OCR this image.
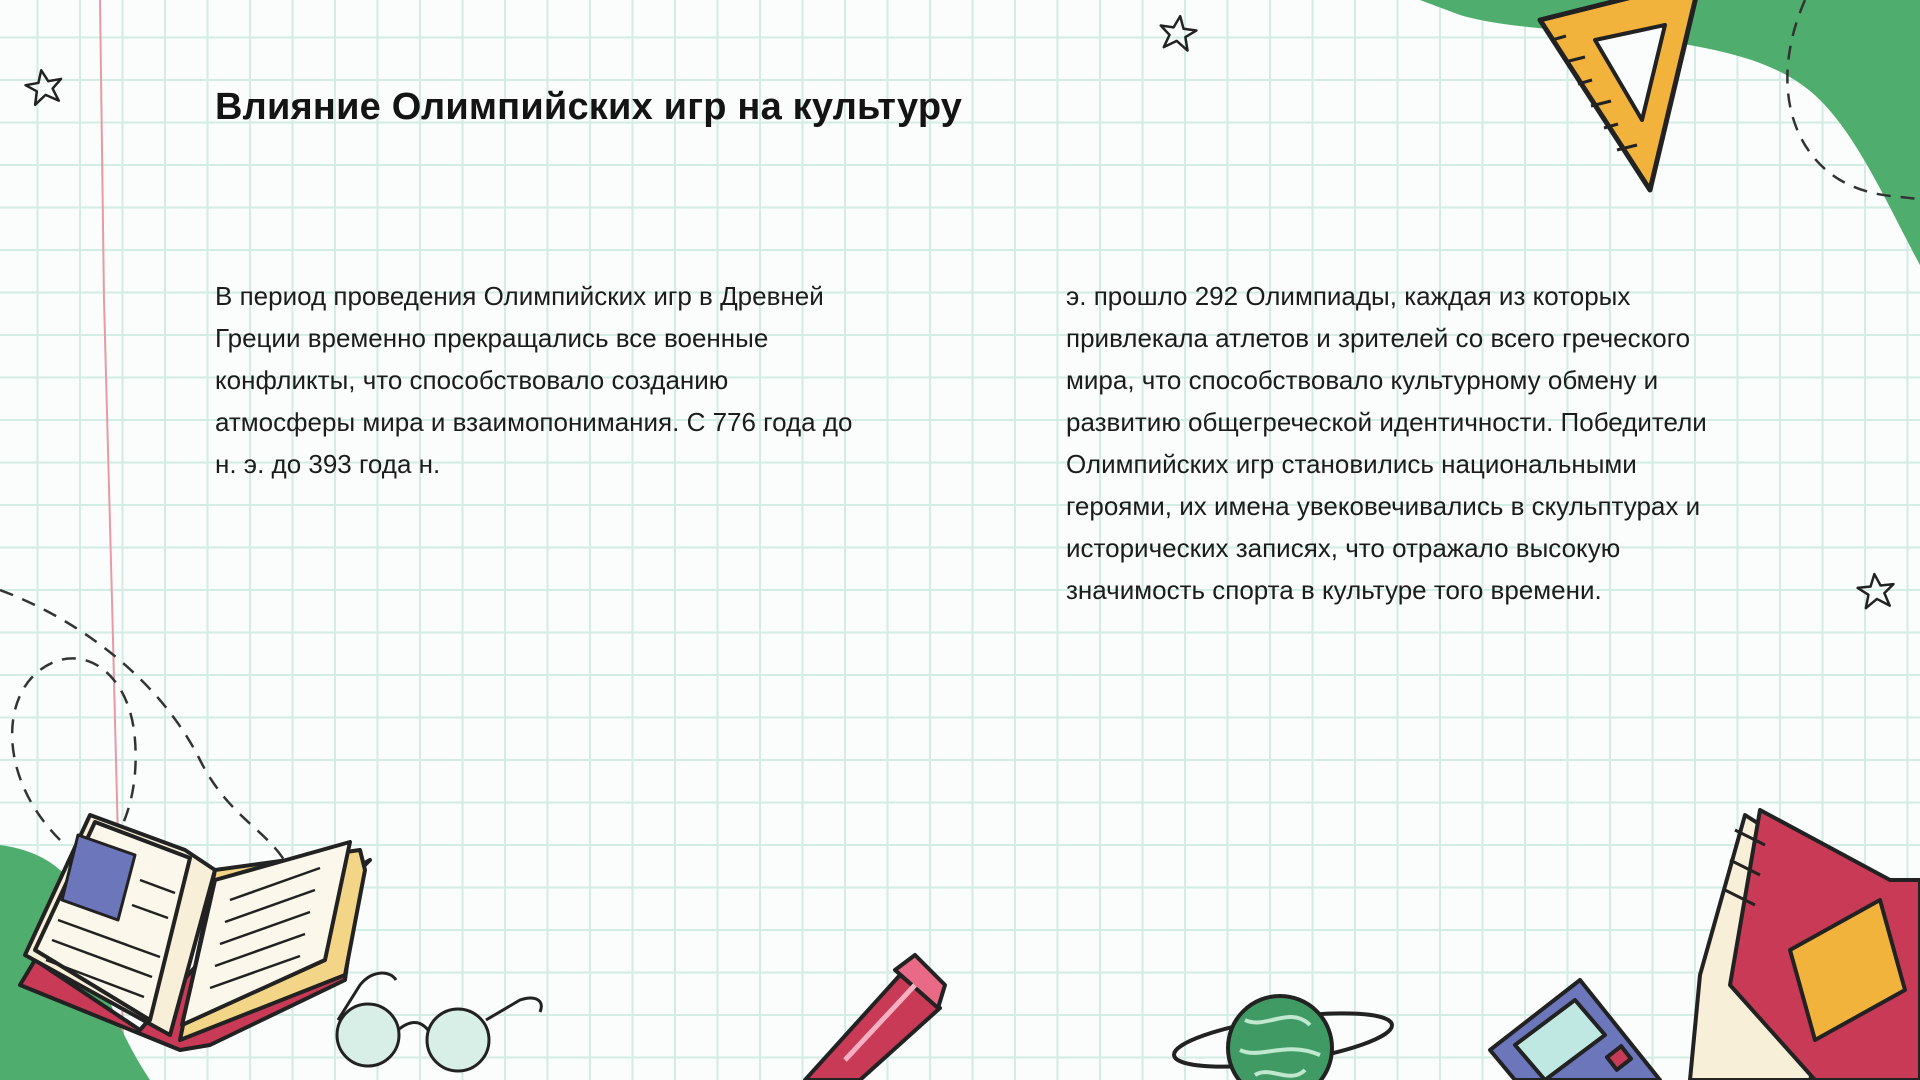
Влияние Олимпийских игр на культуру

В период проведения Олимпийских игр в Древней Греции временно прекращались все военные конфликты, что способствовало созданию атмосферы мира и взаимопонимания. С 776 года до н. э. до 393 года н.

э. прошло 292 Олимпиады, каждая из которых привлекала атлетов и зрителей со всего греческого мира, что способствовало культурному обмену и развитию общегреческой идентичности. Победители Олимпийских игр становились национальными героями, их имена увековечивались в скульптурах и исторических записях, что отражало высокую значимость спорта в культуре того времени.
